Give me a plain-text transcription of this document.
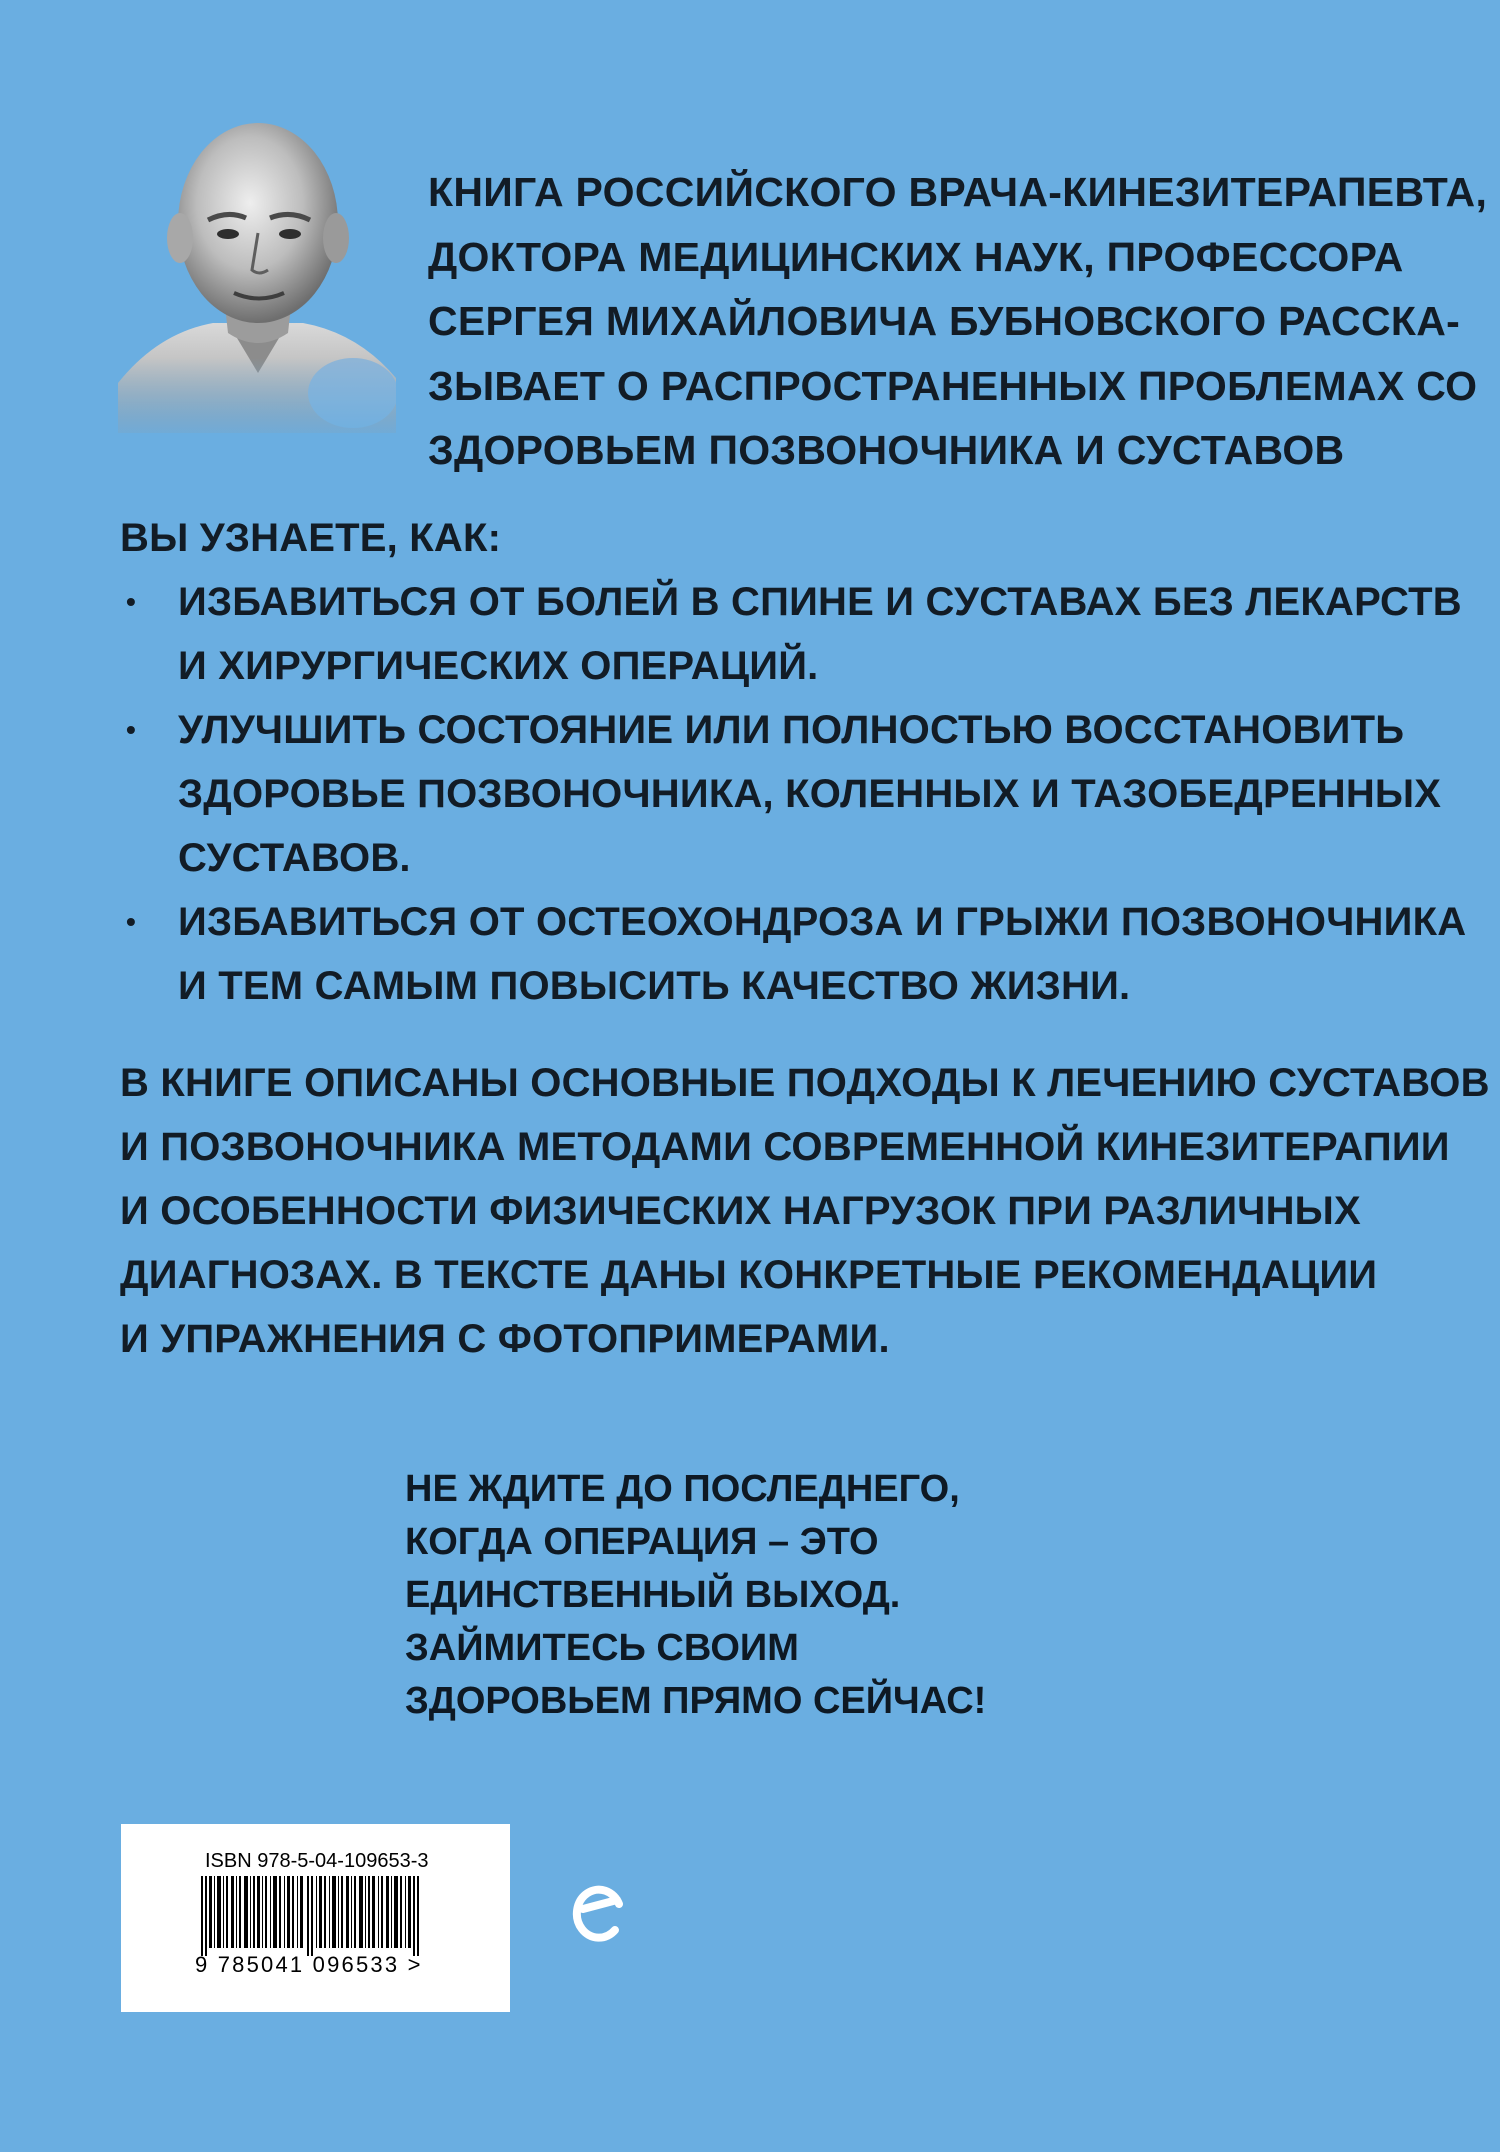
КНИГА РОССИЙСКОГО ВРАЧА-КИНЕЗИТЕРАПЕВТА,
ДОКТОРА МЕДИЦИНСКИХ НАУК, ПРОФЕССОРА
СЕРГЕЯ МИХАЙЛОВИЧА БУБНОВСКОГО РАССКА-
ЗЫВАЕТ О РАСПРОСТРАНЕННЫХ ПРОБЛЕМАХ СО
ЗДОРОВЬЕМ ПОЗВОНОЧНИКА И СУСТАВОВ
ВЫ УЗНАЕТЕ, КАК:
• ИЗБАВИТЬСЯ ОТ БОЛЕЙ В СПИНЕ И СУСТАВАХ БЕЗ ЛЕКАРСТВ
И ХИРУРГИЧЕСКИХ ОПЕРАЦИЙ.
• УЛУЧШИТЬ СОСТОЯНИЕ ИЛИ ПОЛНОСТЬЮ ВОССТАНОВИТЬ
ЗДОРОВЬЕ ПОЗВОНОЧНИКА, КОЛЕННЫХ И ТАЗОБЕДРЕННЫХ
СУСТАВОВ.
• ИЗБАВИТЬСЯ ОТ ОСТЕОХОНДРОЗА И ГРЫЖИ ПОЗВОНОЧНИКА
И ТЕМ САМЫМ ПОВЫСИТЬ КАЧЕСТВО ЖИЗНИ.
В КНИГЕ ОПИСАНЫ ОСНОВНЫЕ ПОДХОДЫ К ЛЕЧЕНИЮ СУСТАВОВ
И ПОЗВОНОЧНИКА МЕТОДАМИ СОВРЕМЕННОЙ КИНЕЗИТЕРАПИИ
И ОСОБЕННОСТИ ФИЗИЧЕСКИХ НАГРУЗОК ПРИ РАЗЛИЧНЫХ
ДИАГНОЗАХ. В ТЕКСТЕ ДАНЫ КОНКРЕТНЫЕ РЕКОМЕНДАЦИИ
И УПРАЖНЕНИЯ С ФОТОПРИМЕРАМИ.
НЕ ЖДИТЕ ДО ПОСЛЕДНЕГО,
КОГДА ОПЕРАЦИЯ – ЭТО
ЕДИНСТВЕННЫЙ ВЫХОД.
ЗАЙМИТЕСЬ СВОИМ
ЗДОРОВЬЕМ ПРЯМО СЕЙЧАС!
ISBN 978-5-04-109653-3
9 785041 096533 >
